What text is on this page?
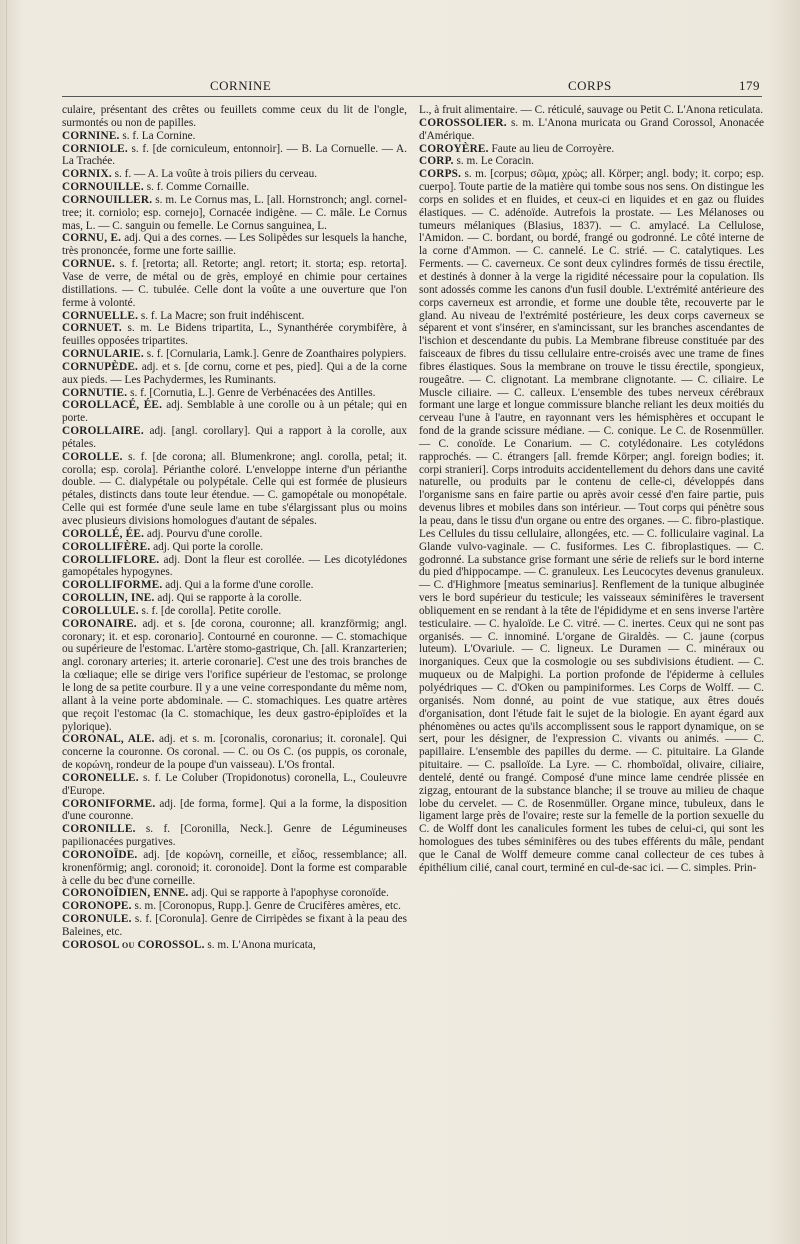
CORNINE	CORPS	179

culaire, présentant des crêtes ou feuillets comme ceux du lit de l'ongle, surmontés ou non de papilles.

CORNINE. s. f. La Cornine.

CORNIOLE. s. f. [de corniculeum, entonnoir]. — B. La Cornuelle. — A. La Trachée.

CORNIX. s. f. — A. La voûte à trois piliers du cerveau.

CORNOUILLE. s. f. Comme Cornaille.

CORNOUILLER. s. m. Le Cornus mas, L. [all. Hornstronch; angl. cornel-tree; it. corniolo; esp. cornejo], Cornacée indigène. — C. mâle. Le Cornus mas, L. — C. sanguin ou femelle. Le Cornus sanguinea, L.

CORNU, E. adj. Qui a des cornes. — Les Solipèdes sur lesquels la hanche, très prononcée, forme une forte saillie.

CORNUE. s. f. [retorta; all. Retorte; angl. retort; it. storta; esp. retorta]. Vase de verre, de métal ou de grès, employé en chimie pour certaines distillations. — C. tubulée. Celle dont la voûte a une ouverture que l'on ferme à volonté.

CORNUELLE. s. f. La Macre; son fruit indéhiscent.

CORNUET. s. m. Le Bidens tripartita, L., Synanthérée corymbifère, à feuilles opposées tripartites.

CORNULARIE. s. f. [Cornularia, Lamk.]. Genre de Zoanthaires polypiers.

CORNUPÈDE. adj. et s. [de cornu, corne et pes, pied]. Qui a de la corne aux pieds. — Les Pachydermes, les Ruminants.

CORNUTIE. s. f. [Cornutia, L.]. Genre de Verbénacées des Antilles.

COROLLACÉ, ÉE. adj. Semblable à une corolle ou à un pétale; qui en porte.

COROLLAIRE. adj. [angl. corollary]. Qui a rapport à la corolle, aux pétales.

COROLLE. s. f. [de corona; all. Blumenkrone; angl. corolla, petal; it. corolla; esp. corola]. Périanthe coloré. L'enveloppe interne d'un périanthe double. — C. dialypétale ou polypétale. Celle qui est formée de plusieurs pétales, distincts dans toute leur étendue. — C. gamopétale ou monopétale. Celle qui est formée d'une seule lame en tube s'élargissant plus ou moins avec plusieurs divisions homologues d'autant de sépales.

COROLLÉ, ÉE. adj. Pourvu d'une corolle.

COROLLIFÈRE. adj. Qui porte la corolle.

COROLLIFLORE. adj. Dont la fleur est corollée. — Les dicotylédones gamopétales hypogynes.

COROLLIFORME. adj. Qui a la forme d'une corolle.

COROLLIN, INE. adj. Qui se rapporte à la corolle.

COROLLULE. s. f. [de corolla]. Petite corolle.

CORONAIRE. adj. et s. [de corona, couronne; all. kranzförmig; angl. coronary; it. et esp. coronario]. Contourné en couronne. — C. stomachique ou supérieure de l'estomac. L'artère stomo-gastrique, Ch. [all. Kranzarterien; angl. coronary arteries; it. arterie coronarie]. C'est une des trois branches de la cœliaque; elle se dirige vers l'orifice supérieur de l'estomac, se prolonge le long de sa petite courbure. Il y a une veine correspondante du même nom, allant à la veine porte abdominale. — C. stomachiques. Les quatre artères que reçoit l'estomac (la C. stomachique, les deux gastro-épiploïdes et la pylorique).

CORONAL, ALE. adj. et s. m. [coronalis, coronarius; it. coronale]. Qui concerne la couronne. Os coronal. — C. ou Os C. (os puppis, os coronale, de κορώνη, rondeur de la poupe d'un vaisseau). L'Os frontal.

CORONELLE. s. f. Le Coluber (Tropidonotus) coronella, L., Couleuvre d'Europe.

CORONIFORME. adj. [de forma, forme]. Qui a la forme, la disposition d'une couronne.

CORONILLE. s. f. [Coronilla, Neck.]. Genre de Légumineuses papilionacées purgatives.

CORONOÏDE. adj. [de κορώνη, corneille, et εἶδος, ressemblance; all. kronenförmig; angl. coronoid; it. coronoide]. Dont la forme est comparable à celle du bec d'une corneille.

CORONOÏDIEN, ENNE. adj. Qui se rapporte à l'apophyse coronoïde.

CORONOPE. s. m. [Coronopus, Rupp.]. Genre de Crucifères amères, etc.

CORONULE. s. f. [Coronula]. Genre de Cirripèdes se fixant à la peau des Baleines, etc.

COROSOL ou COROSSOL. s. m. L'Anona muricata,

L., à fruit alimentaire. — C. réticulé, sauvage ou Petit C. L'Anona reticulata.

COROSSOLIER. s. m. L'Anona muricata ou Grand Corossol, Anonacée d'Amérique.

COROYÈRE. Faute au lieu de Corroyère.

CORP. s. m. Le Coracin.

CORPS. s. m. [corpus; σῶμα, χρὼς; all. Körper; angl. body; it. corpo; esp. cuerpo]. Toute partie de la matière qui tombe sous nos sens. On distingue les corps en solides et en fluides, et ceux-ci en liquides et en gaz ou fluides élastiques. — C. adénoïde. Autrefois la prostate. — Les Mélanoses ou tumeurs mélaniques (Blasius, 1837). — C. amylacé. La Cellulose, l'Amidon. — C. bordant, ou bordé, frangé ou godronné. Le côté interne de la corne d'Ammon. — C. cannelé. Le C. strié. — C. catalytiques. Les Ferments. — C. caverneux. Ce sont deux cylindres formés de tissu érectile, et destinés à donner à la verge la rigidité nécessaire pour la copulation. Ils sont adossés comme les canons d'un fusil double. L'extrémité antérieure des corps caverneux est arrondie, et forme une double tête, recouverte par le gland. Au niveau de l'extrémité postérieure, les deux corps caverneux se séparent et vont s'insérer, en s'amincissant, sur les branches ascendantes de l'ischion et descendante du pubis. La Membrane fibreuse constituée par des faisceaux de fibres du tissu cellulaire entre-croisés avec une trame de fines fibres élastiques. Sous la membrane on trouve le tissu érectile, spongieux, rougeâtre. — C. clignotant. La membrane clignotante. — C. ciliaire. Le Muscle ciliaire. — C. calleux. L'ensemble des tubes nerveux cérébraux formant une large et longue commissure blanche reliant les deux moitiés du cerveau l'une à l'autre, en rayonnant vers les hémisphères et occupant le fond de la grande scissure médiane. — C. conique. Le C. de Rosenmüller. — C. conoïde. Le Conarium. — C. cotylédonaire. Les cotylédons rapprochés. — C. étrangers [all. fremde Körper; angl. foreign bodies; it. corpi stranieri]. Corps introduits accidentellement du dehors dans une cavité naturelle, ou produits par le contenu de celle-ci, développés dans l'organisme sans en faire partie ou après avoir cessé d'en faire partie, puis devenus libres et mobiles dans son intérieur. — Tout corps qui pénètre sous la peau, dans le tissu d'un organe ou entre des organes. — C. fibro-plastique. Les Cellules du tissu cellulaire, allongées, etc. — C. folliculaire vaginal. La Glande vulvo-vaginale. — C. fusiformes. Les C. fibroplastiques. — C. godronné. La substance grise formant une série de reliefs sur le bord interne du pied d'hippocampe. — C. granuleux. Les Leucocytes devenus granuleux. — C. d'Highmore [meatus seminarius]. Renflement de la tunique albuginée vers le bord supérieur du testicule; les vaisseaux séminifères le traversent obliquement en se rendant à la tête de l'épididyme et en sens inverse l'artère testiculaire. — C. hyaloïde. Le C. vitré. — C. inertes. Ceux qui ne sont pas organisés. — C. innominé. L'organe de Giraldès. — C. jaune (corpus luteum). L'Ovariule. — C. ligneux. Le Duramen — C. minéraux ou inorganiques. Ceux que la cosmologie ou ses subdivisions étudient. — C. muqueux ou de Malpighi. La portion profonde de l'épiderme à cellules polyédriques — C. d'Oken ou pampiniformes. Les Corps de Wolff. — C. organisés. Nom donné, au point de vue statique, aux êtres doués d'organisation, dont l'étude fait le sujet de la biologie. En ayant égard aux phénomènes ou actes qu'ils accomplissent sous le rapport dynamique, on se sert, pour les désigner, de l'expression C. vivants ou animés. —— C. papillaire. L'ensemble des papilles du derme. — C. pituitaire. La Glande pituitaire. — C. psalloïde. La Lyre. — C. rhomboïdal, olivaire, ciliaire, dentelé, denté ou frangé. Composé d'une mince lame cendrée plissée en zigzag, entourant de la substance blanche; il se trouve au milieu de chaque lobe du cervelet. — C. de Rosenmüller. Organe mince, tubuleux, dans le ligament large près de l'ovaire; reste sur la femelle de la portion sexuelle du C. de Wolff dont les canalicules forment les tubes de celui-ci, qui sont les homologues des tubes séminifères ou des tubes efférents du mâle, pendant que le Canal de Wolff demeure comme canal collecteur de ces tubes à épithélium cilié, canal court, terminé en cul-de-sac ici. — C. simples. Prin-
